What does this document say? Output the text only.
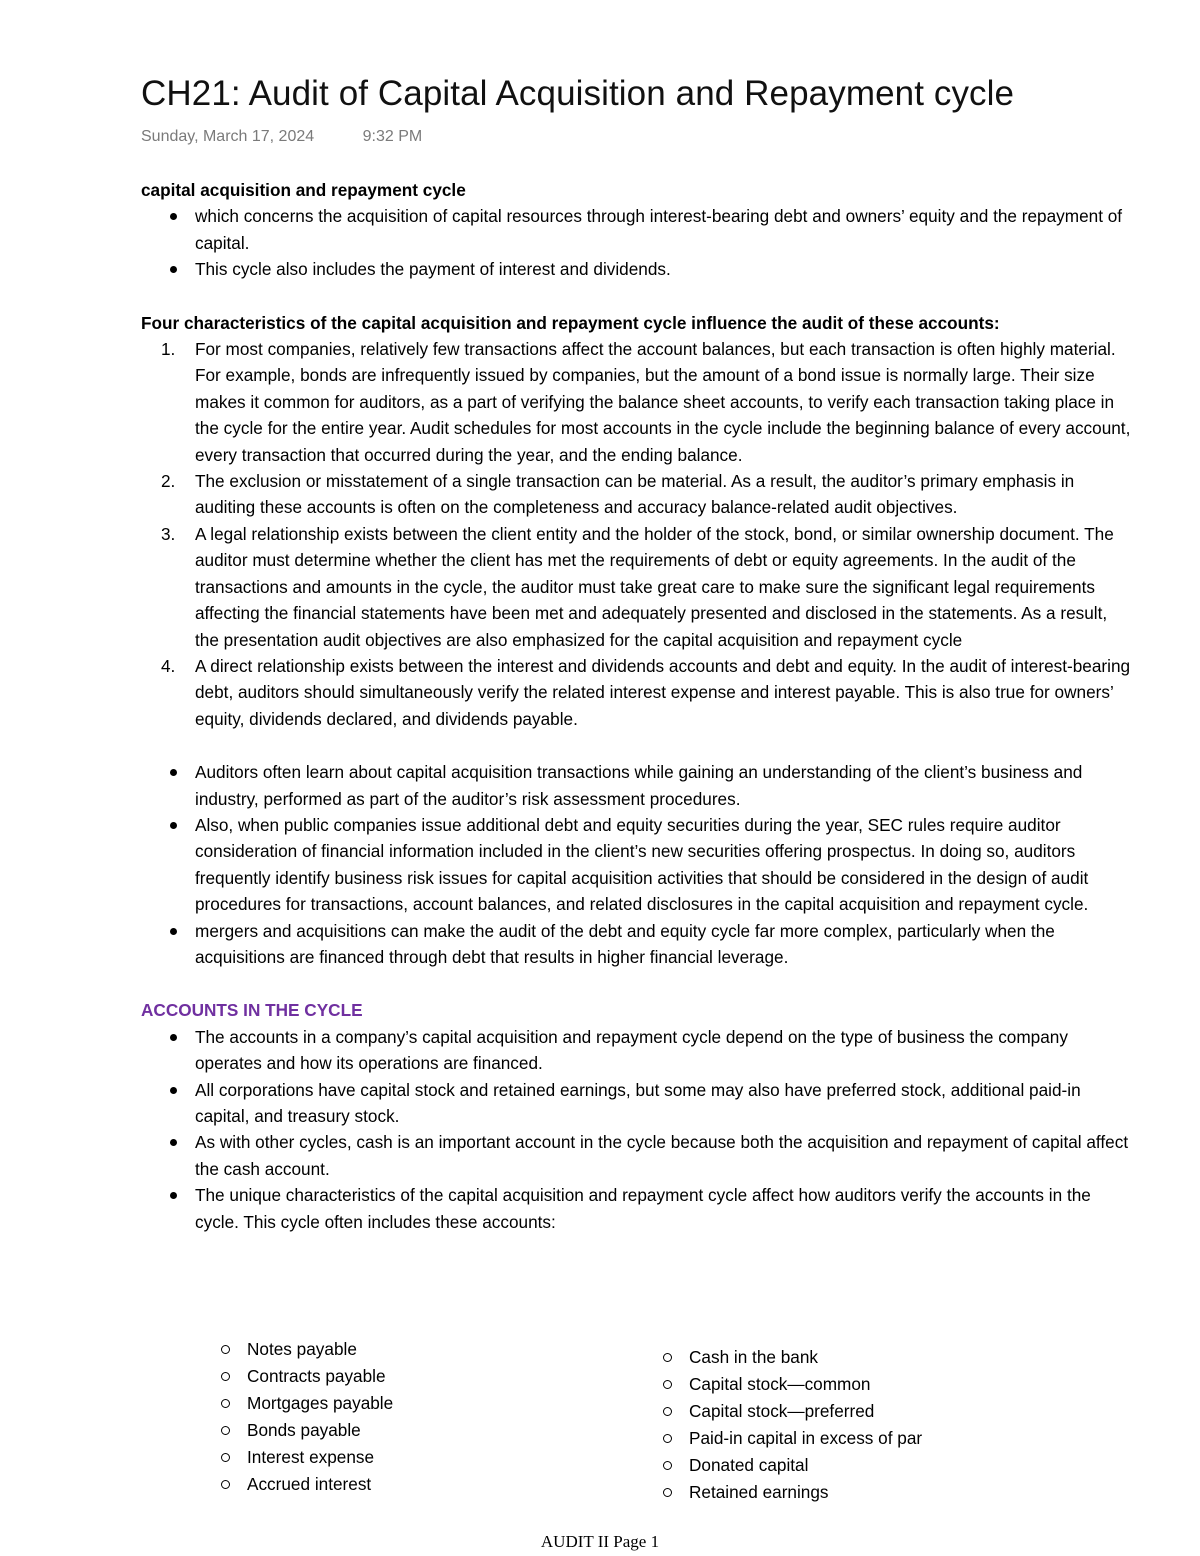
CH21: Audit of Capital Acquisition and Repayment cycle
Sunday, March 17, 2024	9:32 PM

capital acquisition and repayment cycle

which concerns the acquisition of capital resources through interest-bearing debt and owners’ equity and the repayment of capital.
This cycle also includes the payment of interest and dividends.

Four characteristics of the capital acquisition and repayment cycle influence the audit of these accounts:

1. For most companies, relatively few transactions affect the account balances, but each transaction is often highly material. For example, bonds are infrequently issued by companies, but the amount of a bond issue is normally large. Their size makes it common for auditors, as a part of verifying the balance sheet accounts, to verify each transaction taking place in the cycle for the entire year. Audit schedules for most accounts in the cycle include the beginning balance of every account, every transaction that occurred during the year, and the ending balance.
2. The exclusion or misstatement of a single transaction can be material. As a result, the auditor’s primary emphasis in auditing these accounts is often on the completeness and accuracy balance-related audit objectives.
3. A legal relationship exists between the client entity and the holder of the stock, bond, or similar ownership document. The auditor must determine whether the client has met the requirements of debt or equity agreements. In the audit of the transactions and amounts in the cycle, the auditor must take great care to make sure the significant legal requirements affecting the financial statements have been met and adequately presented and disclosed in the statements. As a result, the presentation audit objectives are also emphasized for the capital acquisition and repayment cycle
4. A direct relationship exists between the interest and dividends accounts and debt and equity. In the audit of interest-bearing debt, auditors should simultaneously verify the related interest expense and interest payable. This is also true for owners’ equity, dividends declared, and dividends payable.
Auditors often learn about capital acquisition transactions while gaining an understanding of the client’s business and industry, performed as part of the auditor’s risk assessment procedures.
Also, when public companies issue additional debt and equity securities during the year, SEC rules require auditor consideration of financial information included in the client’s new securities offering prospectus. In doing so, auditors frequently identify business risk issues for capital acquisition activities that should be considered in the design of audit procedures for transactions, account balances, and related disclosures in the capital acquisition and repayment cycle.
mergers and acquisitions can make the audit of the debt and equity cycle far more complex, particularly when the acquisitions are financed through debt that results in higher financial leverage.

ACCOUNTS IN THE CYCLE

The accounts in a company’s capital acquisition and repayment cycle depend on the type of business the company operates and how its operations are financed.
All corporations have capital stock and retained earnings, but some may also have preferred stock, additional paid-in capital, and treasury stock.
As with other cycles, cash is an important account in the cycle because both the acquisition and repayment of capital affect the cash account.
The unique characteristics of the capital acquisition and repayment cycle affect how auditors verify the accounts in the cycle. This cycle often includes these accounts:
Notes payable
Contracts payable
Mortgages payable
Bonds payable
Interest expense
Accrued interest
Cash in the bank
Capital stock—common
Capital stock—preferred
Paid-in capital in excess of par
Donated capital
Retained earnings
AUDIT II Page 1
